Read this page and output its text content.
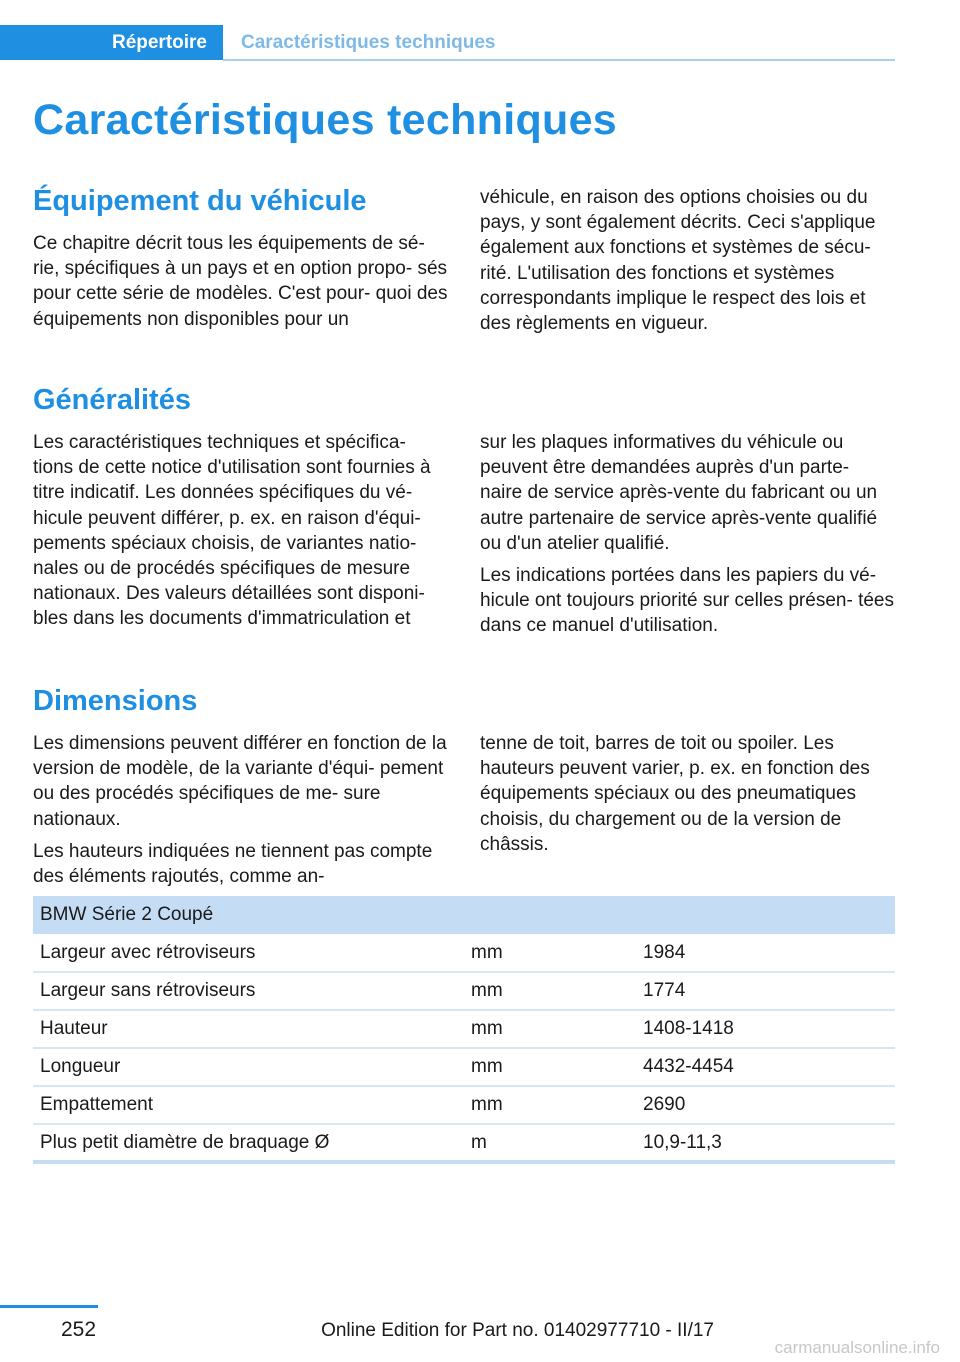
Répertoire	Caractéristiques techniques
Caractéristiques techniques
Équipement du véhicule

Ce chapitre décrit tous les équipements de sé‐ rie, spécifiques à un pays et en option propo‐ sés pour cette série de modèles. C'est pour‐ quoi des équipements non disponibles pour un

véhicule, en raison des options choisies ou du pays, y sont également décrits. Ceci s'applique également aux fonctions et systèmes de sécu‐ rité. L'utilisation des fonctions et systèmes correspondants implique le respect des lois et des règlements en vigueur.

Généralités

Les caractéristiques techniques et spécifica‐ tions de cette notice d'utilisation sont fournies à titre indicatif. Les données spécifiques du vé‐ hicule peuvent différer, p. ex. en raison d'équi‐ pements spéciaux choisis, de variantes natio‐ nales ou de procédés spécifiques de mesure nationaux. Des valeurs détaillées sont disponi‐ bles dans les documents d'immatriculation et

sur les plaques informatives du véhicule ou peuvent être demandées auprès d'un parte‐ naire de service après-vente du fabricant ou un autre partenaire de service après-vente qualifié ou d'un atelier qualifié.

Les indications portées dans les papiers du vé‐ hicule ont toujours priorité sur celles présen‐ tées dans ce manuel d'utilisation.

Dimensions

Les dimensions peuvent différer en fonction de la version de modèle, de la variante d'équi‐ pement ou des procédés spécifiques de me‐ sure nationaux.

Les hauteurs indiquées ne tiennent pas compte des éléments rajoutés, comme an‐

tenne de toit, barres de toit ou spoiler. Les hauteurs peuvent varier, p. ex. en fonction des équipements spéciaux ou des pneumatiques choisis, du chargement ou de la version de châssis.

BMW Série 2 Coupé		
Largeur avec rétroviseurs	mm	1984
Largeur sans rétroviseurs	mm	1774
Hauteur	mm	1408-1418
Longueur	mm	4432-4454
Empattement	mm	2690
Plus petit diamètre de braquage Ø	m	10,9-11,3
252	Online Edition for Part no. 01402977710 - II/17
carmanualsonline.info
